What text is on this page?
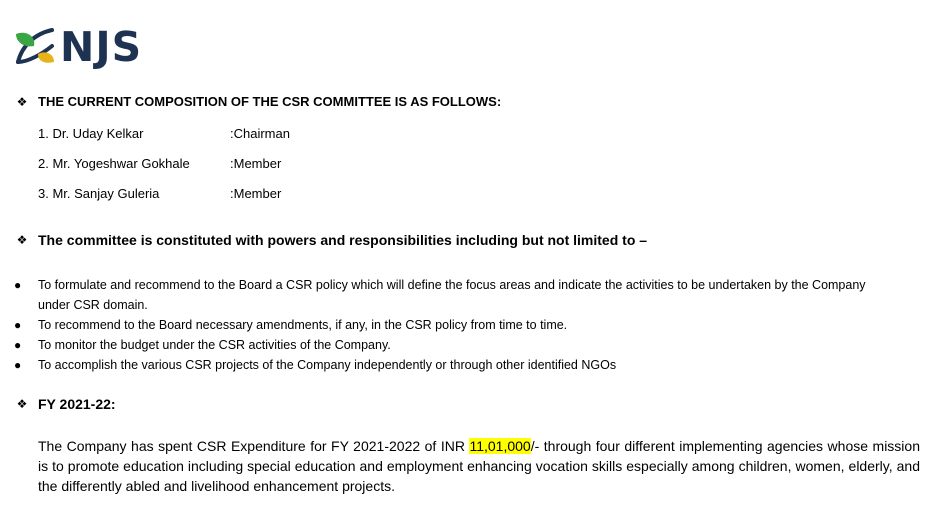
NJS
❖ THE CURRENT COMPOSITION OF THE CSR COMMITTEE IS AS FOLLOWS:
1. Dr. Uday Kelkar	:Chairman
2. Mr. Yogeshwar Gokhale	:Member
3. Mr. Sanjay Guleria	:Member
❖ The committee is constituted with powers and responsibilities including but not limited to –
●	To formulate and recommend to the Board a CSR policy which will define the focus areas and indicate the activities to be undertaken by the Company under CSR domain.
●	To recommend to the Board necessary amendments, if any, in the CSR policy from time to time.
●	To monitor the budget under the CSR activities of the Company.
●	To accomplish the various CSR projects of the Company independently or through other identified NGOs
❖ FY 2021-22:
The Company has spent CSR Expenditure for FY 2021-2022 of INR 11,01,000/- through four different implementing agencies whose mission is to promote education including special education and employment enhancing vocation skills especially among children, women, elderly, and the differently abled and livelihood enhancement projects.
